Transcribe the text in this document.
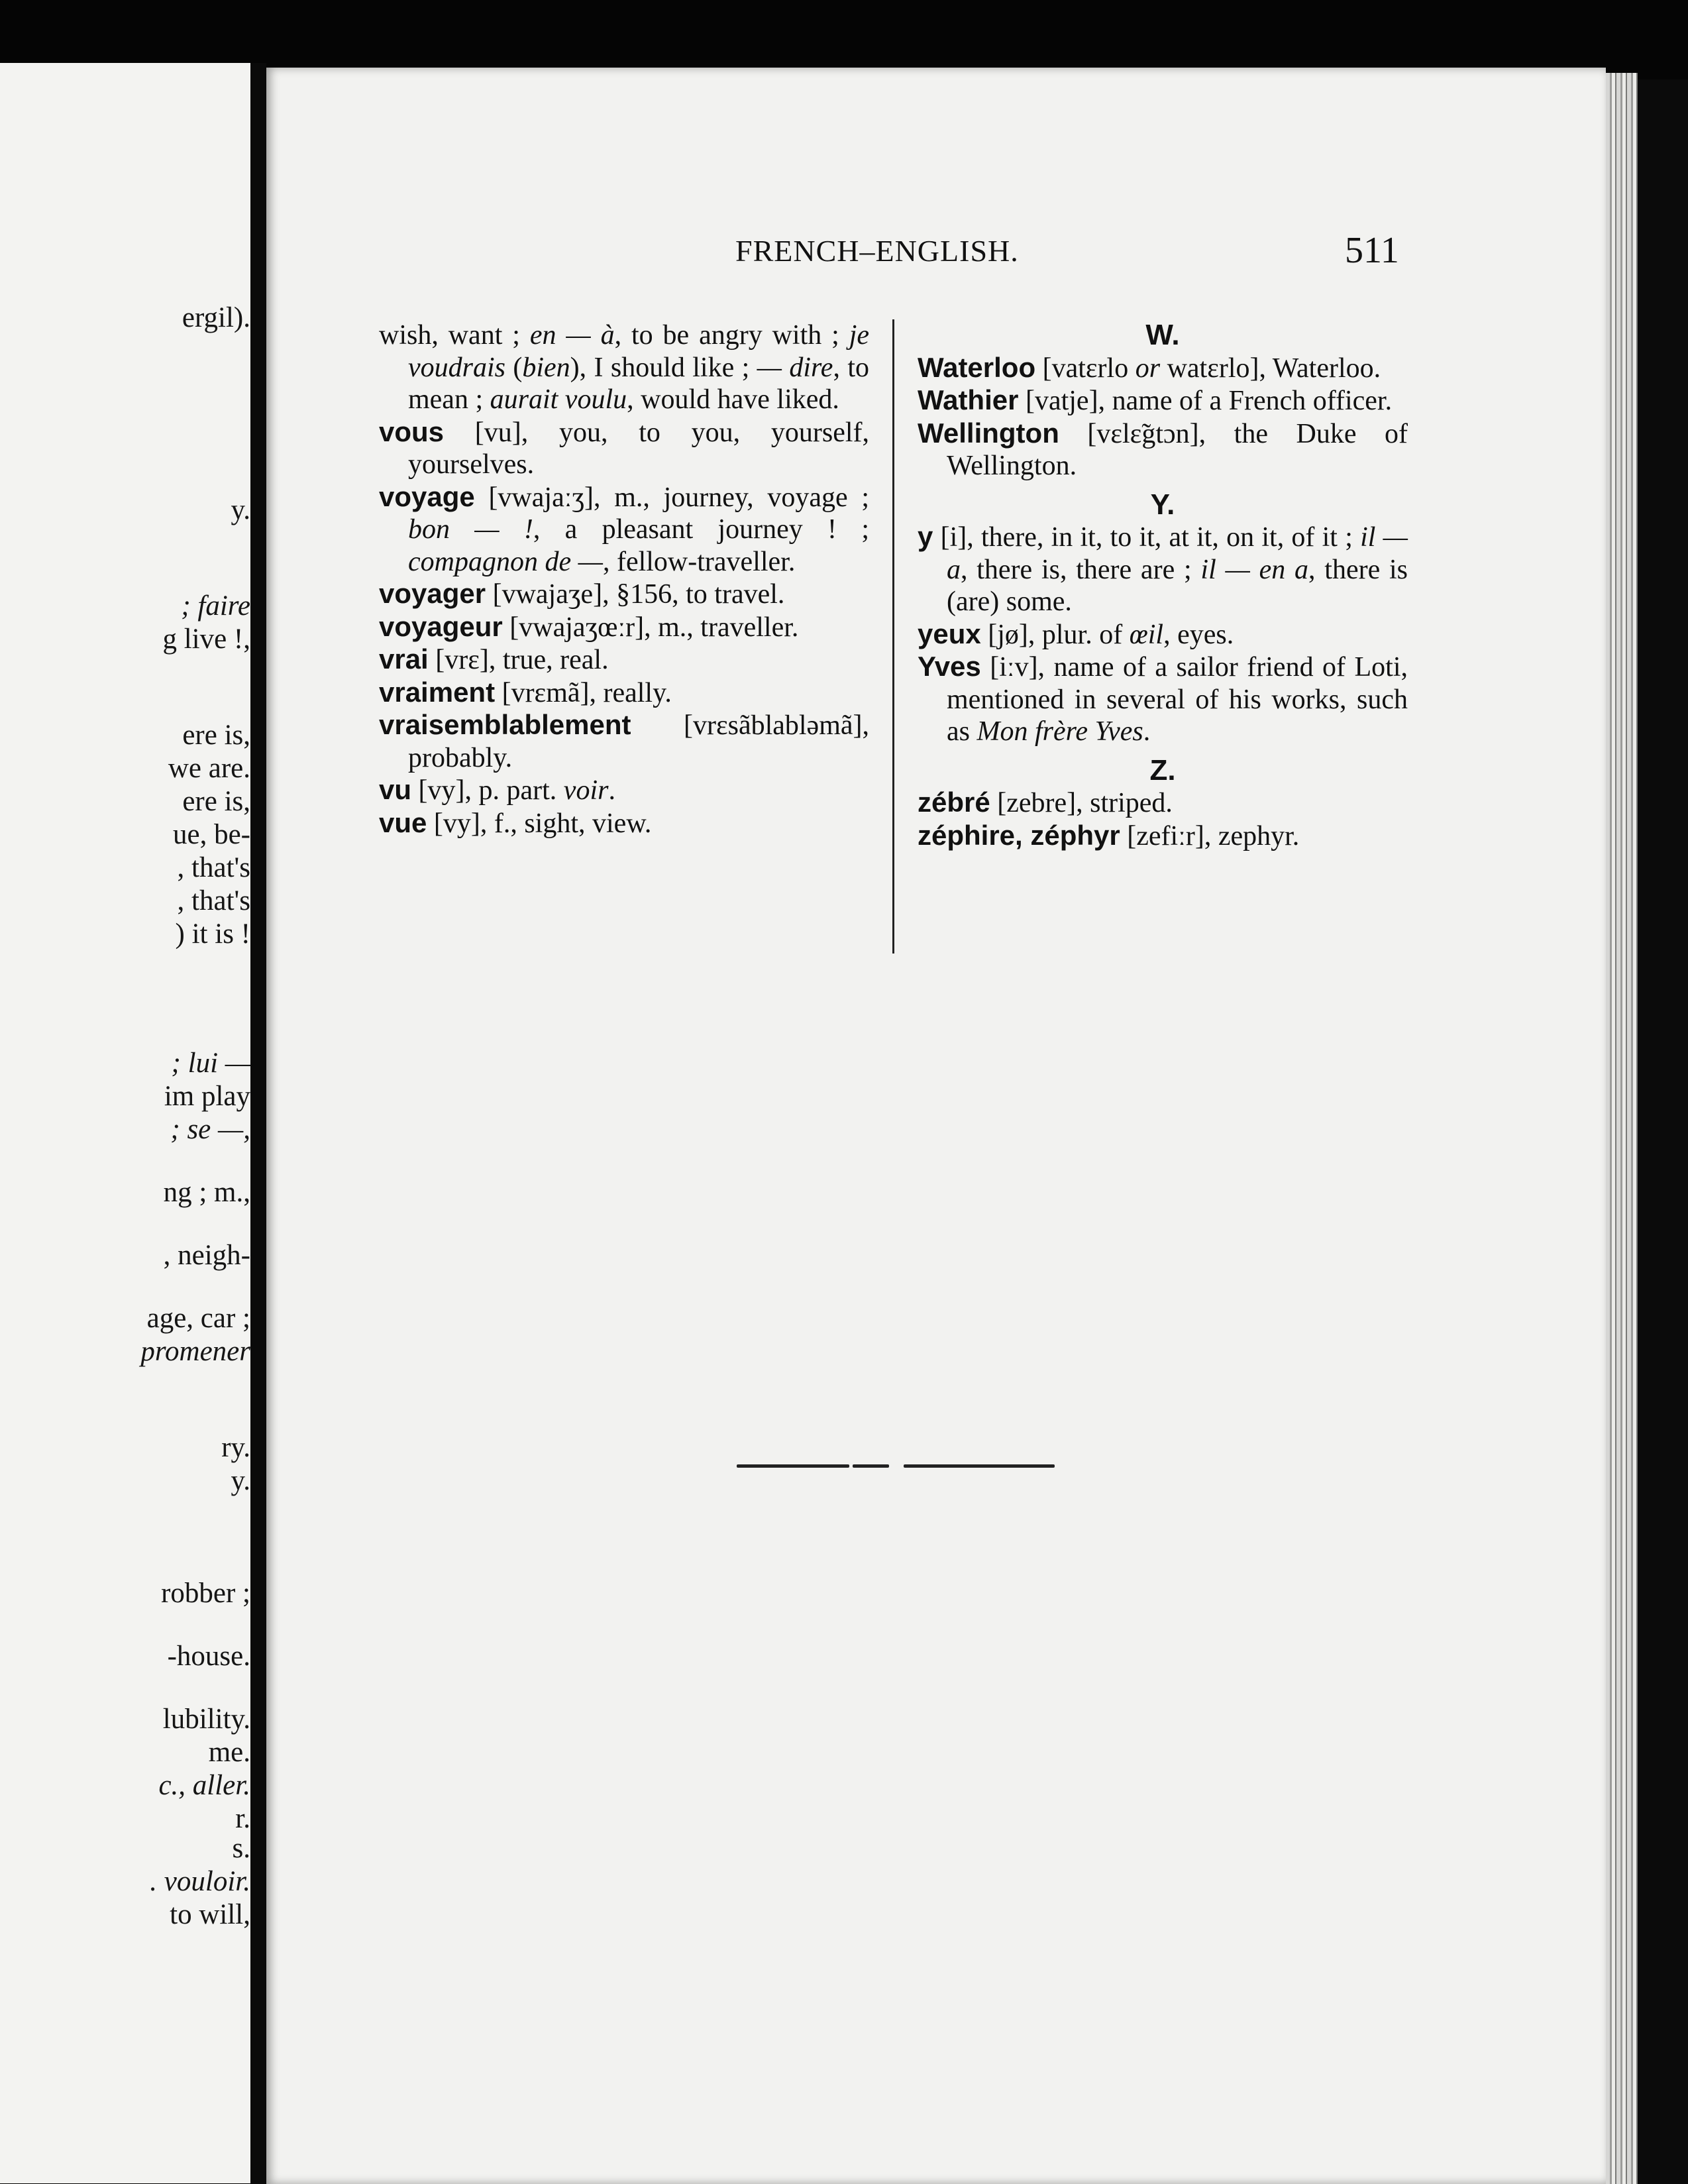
ergil).
y.
; faire
g live !,
ere is,
we are.
ere is,
ue, be-
, that's
, that's
) it is !
; lui —
im play
; se —,
ng ; m.,
, neigh-
age, car ;
promener
ry.
y.
robber ;
-house.
lubility.
me.
c., aller.
r.
s.
. vouloir.
to will,
FRENCH–ENGLISH.	511
wish, want ; en — à, to be angry with ; je voudrais (bien), I should like ; — dire, to mean ; aurait voulu, would have liked.
vous [vu], you, to you, yourself, yourselves.
voyage [vwajaːʒ], m., journey, voyage ; bon — !, a pleasant journey ! ; compagnon de —, fellow-traveller.
voyager [vwajaʒe], §156, to travel.
voyageur [vwajaʒœːr], m., traveller.
vrai [vrɛ], true, real.
vraiment [vrɛmã], really.
vraisemblablement [vrɛsãblabləmã], probably.
vu [vy], p. part. voir.
vue [vy], f., sight, view.
W.
Waterloo [vatɛrlo or watɛrlo], Waterloo.
Wathier [vatje], name of a French officer.
Wellington [vɛlɛ̃gtɔn], the Duke of Wellington.
Y.
y [i], there, in it, to it, at it, on it, of it ; il — a, there is, there are ; il — en a, there is (are) some.
yeux [jø], plur. of œil, eyes.
Yves [iːv], name of a sailor friend of Loti, mentioned in several of his works, such as Mon frère Yves.
Z.
zébré [zebre], striped.
zéphire, zéphyr [zefiːr], zephyr.
